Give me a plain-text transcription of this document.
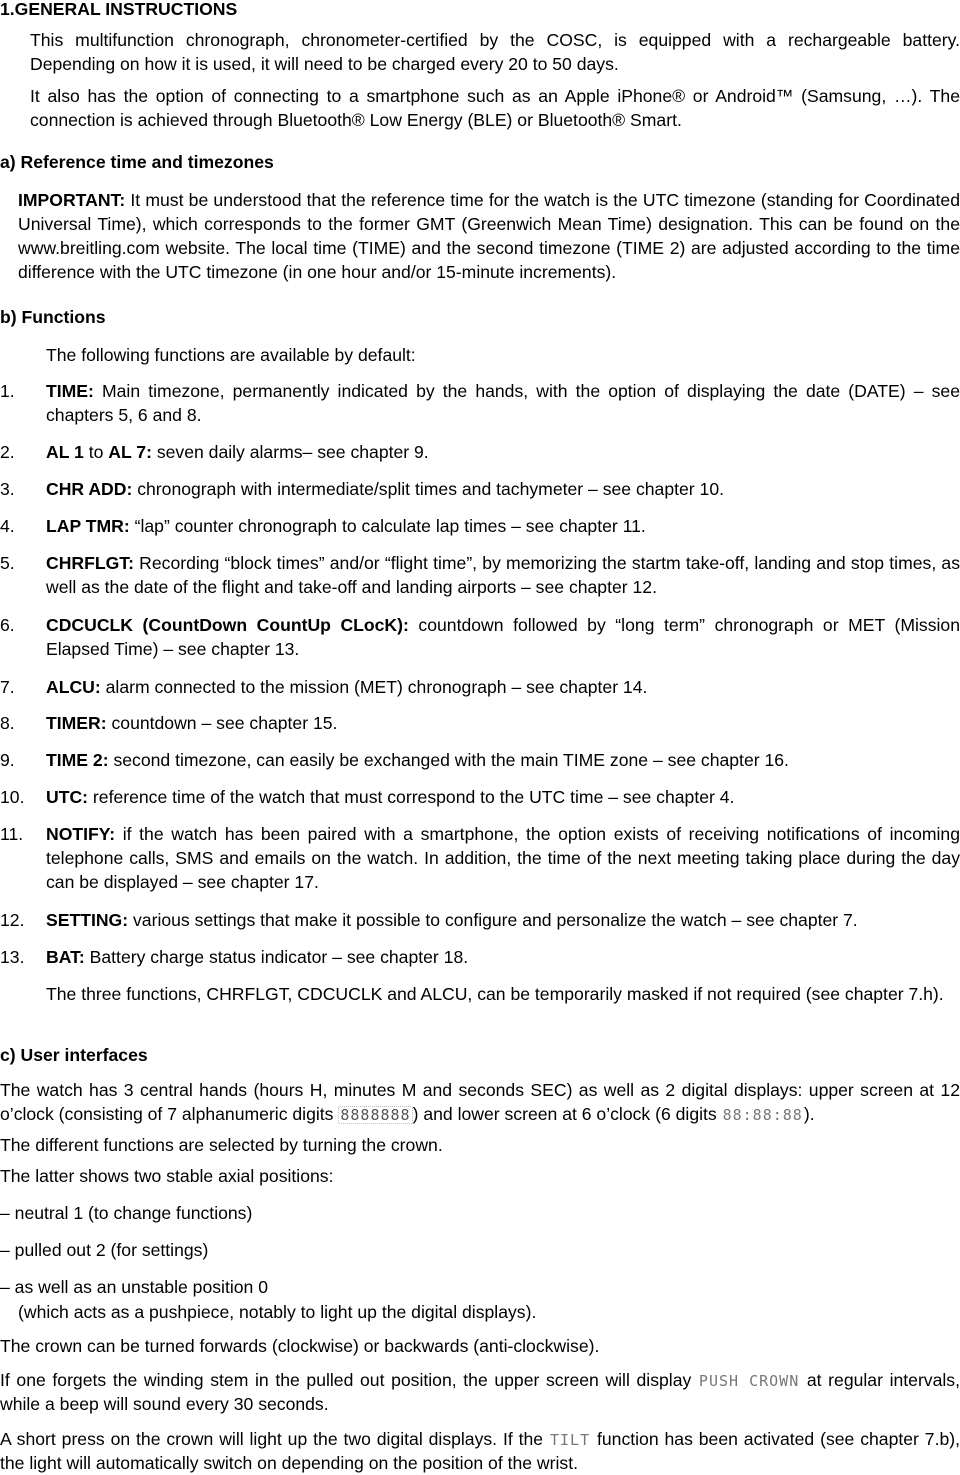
1.GENERAL INSTRUCTIONS
This multifunction chronograph, chronometer-certified by the COSC, is equipped with a rechargeable battery. Depending on how it is used, it will need to be charged every 20 to 50 days.
It also has the option of connecting to a smartphone such as an Apple iPhone® or Android™ (Samsung, …). The connection is achieved through Bluetooth® Low Energy (BLE) or Bluetooth® Smart.
a) Reference time and timezones
IMPORTANT: It must be understood that the reference time for the watch is the UTC timezone (standing for Coordinated Universal Time), which corresponds to the former GMT (Greenwich Mean Time) designation. This can be found on the www.breitling.com website. The local time (TIME) and the second timezone (TIME 2) are adjusted according to the time difference with the UTC timezone (in one hour and/or 15-minute increments).
b) Functions
The following functions are available by default:
1.	TIME: Main timezone, permanently indicated by the hands, with the option of displaying the date (DATE) – see chapters 5, 6 and 8.
2.	AL 1 to AL 7: seven daily alarms– see chapter 9.
3.	CHR ADD: chronograph with intermediate/split times and tachymeter – see chapter 10.
4.	LAP TMR: “lap” counter chronograph to calculate lap times – see chapter 11.
5.	CHRFLGT: Recording “block times” and/or “flight time”, by memorizing the startm take-off, landing and stop times, as well as the date of the flight and take-off and landing airports – see chapter 12.
6.	CDCUCLK (CountDown CountUp CLocK): countdown followed by “long term” chronograph or MET (Mission Elapsed Time) – see chapter 13.
7.	ALCU: alarm connected to the mission (MET) chronograph – see chapter 14.
8.	TIMER: countdown – see chapter 15.
9.	TIME 2: second timezone, can easily be exchanged with the main TIME zone – see chapter 16.
10.	UTC: reference time of the watch that must correspond to the UTC time – see chapter 4.
11.	NOTIFY: if the watch has been paired with a smartphone, the option exists of receiving notifications of incoming telephone calls, SMS and emails on the watch. In addition, the time of the next meeting taking place during the day can be displayed – see chapter 17.
12.	SETTING: various settings that make it possible to configure and personalize the watch – see chapter 7.
13.	BAT: Battery charge status indicator – see chapter 18.
The three functions, CHRFLGT, CDCUCLK and ALCU, can be temporarily masked if not required (see chapter 7.h).
c) User interfaces
The watch has 3 central hands (hours H, minutes M and seconds SEC) as well as 2 digital displays: upper screen at 12 o’clock (consisting of 7 alphanumeric digits 8888888 ) and lower screen at 6 o’clock (6 digits 88:88:88).
The different functions are selected by turning the crown.
The latter shows two stable axial positions:
– neutral 1 (to change functions)
– pulled out 2 (for settings)
– as well as an unstable position 0
(which acts as a pushpiece, notably to light up the digital displays).
The crown can be turned forwards (clockwise) or backwards (anti-clockwise).
If one forgets the winding stem in the pulled out position, the upper screen will display PUSH CROWN at regular intervals, while a beep will sound every 30 seconds.
A short press on the crown will light up the two digital displays. If the TILT function has been activated (see chapter 7.b), the light will automatically switch on depending on the position of the wrist.
